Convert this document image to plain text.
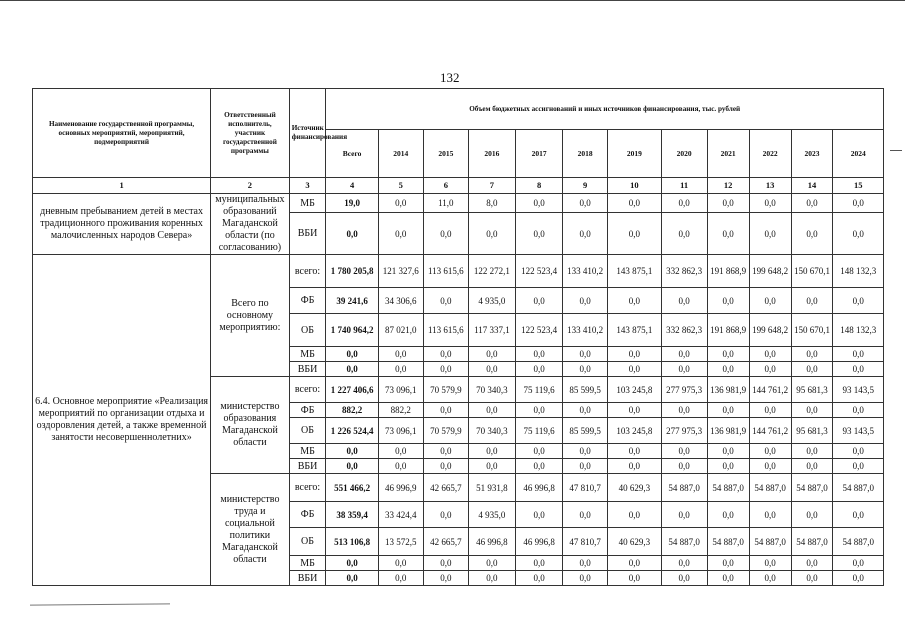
132
Наименование государственной программы, основных мероприятий, мероприятий, подмероприятий	Ответственный исполнитель, участник государственной программы	Источник финансирования	Объем бюджетных ассигнований и иных источников финансирования, тыс. рублей											
			Всего	2014	2015	2016	2017	2018	2019	2020	2021	2022	2023	2024
1	2	3	4	5	6	7	8	9	10	11	12	13	14	15
дневным пребыванием детей в местах традиционного проживания коренных малочисленных народов Севера»	муниципальных образований Магаданской области (по согласованию)	МБ	19,0	0,0	11,0	8,0	0,0	0,0	0,0	0,0	0,0	0,0	0,0	0,0
		ВБИ	0,0	0,0	0,0	0,0	0,0	0,0	0,0	0,0	0,0	0,0	0,0	0,0
6.4. Основное мероприятие «Реализация мероприятий по организации отдыха и оздоровления детей, а также временной занятости несовершеннолетних»	Всего по основному мероприятию:	всего:	1 780 205,8	121 327,6	113 615,6	122 272,1	122 523,4	133 410,2	143 875,1	332 862,3	191 868,9	199 648,2	150 670,1	148 132,3
		ФБ	39 241,6	34 306,6	0,0	4 935,0	0,0	0,0	0,0	0,0	0,0	0,0	0,0	0,0
		ОБ	1 740 964,2	87 021,0	113 615,6	117 337,1	122 523,4	133 410,2	143 875,1	332 862,3	191 868,9	199 648,2	150 670,1	148 132,3
		МБ	0,0	0,0	0,0	0,0	0,0	0,0	0,0	0,0	0,0	0,0	0,0	0,0
		ВБИ	0,0	0,0	0,0	0,0	0,0	0,0	0,0	0,0	0,0	0,0	0,0	0,0
	министерство образования Магаданской области	всего:	1 227 406,6	73 096,1	70 579,9	70 340,3	75 119,6	85 599,5	103 245,8	277 975,3	136 981,9	144 761,2	95 681,3	93 143,5
		ФБ	882,2	882,2	0,0	0,0	0,0	0,0	0,0	0,0	0,0	0,0	0,0	0,0
		ОБ	1 226 524,4	73 096,1	70 579,9	70 340,3	75 119,6	85 599,5	103 245,8	277 975,3	136 981,9	144 761,2	95 681,3	93 143,5
		МБ	0,0	0,0	0,0	0,0	0,0	0,0	0,0	0,0	0,0	0,0	0,0	0,0
		ВБИ	0,0	0,0	0,0	0,0	0,0	0,0	0,0	0,0	0,0	0,0	0,0	0,0
	министерство труда и социальной политики Магаданской области	всего:	551 466,2	46 996,9	42 665,7	51 931,8	46 996,8	47 810,7	40 629,3	54 887,0	54 887,0	54 887,0	54 887,0	54 887,0
		ФБ	38 359,4	33 424,4	0,0	4 935,0	0,0	0,0	0,0	0,0	0,0	0,0	0,0	0,0
		ОБ	513 106,8	13 572,5	42 665,7	46 996,8	46 996,8	47 810,7	40 629,3	54 887,0	54 887,0	54 887,0	54 887,0	54 887,0
		МБ	0,0	0,0	0,0	0,0	0,0	0,0	0,0	0,0	0,0	0,0	0,0	0,0
		ВБИ	0,0	0,0	0,0	0,0	0,0	0,0	0,0	0,0	0,0	0,0	0,0	0,0
